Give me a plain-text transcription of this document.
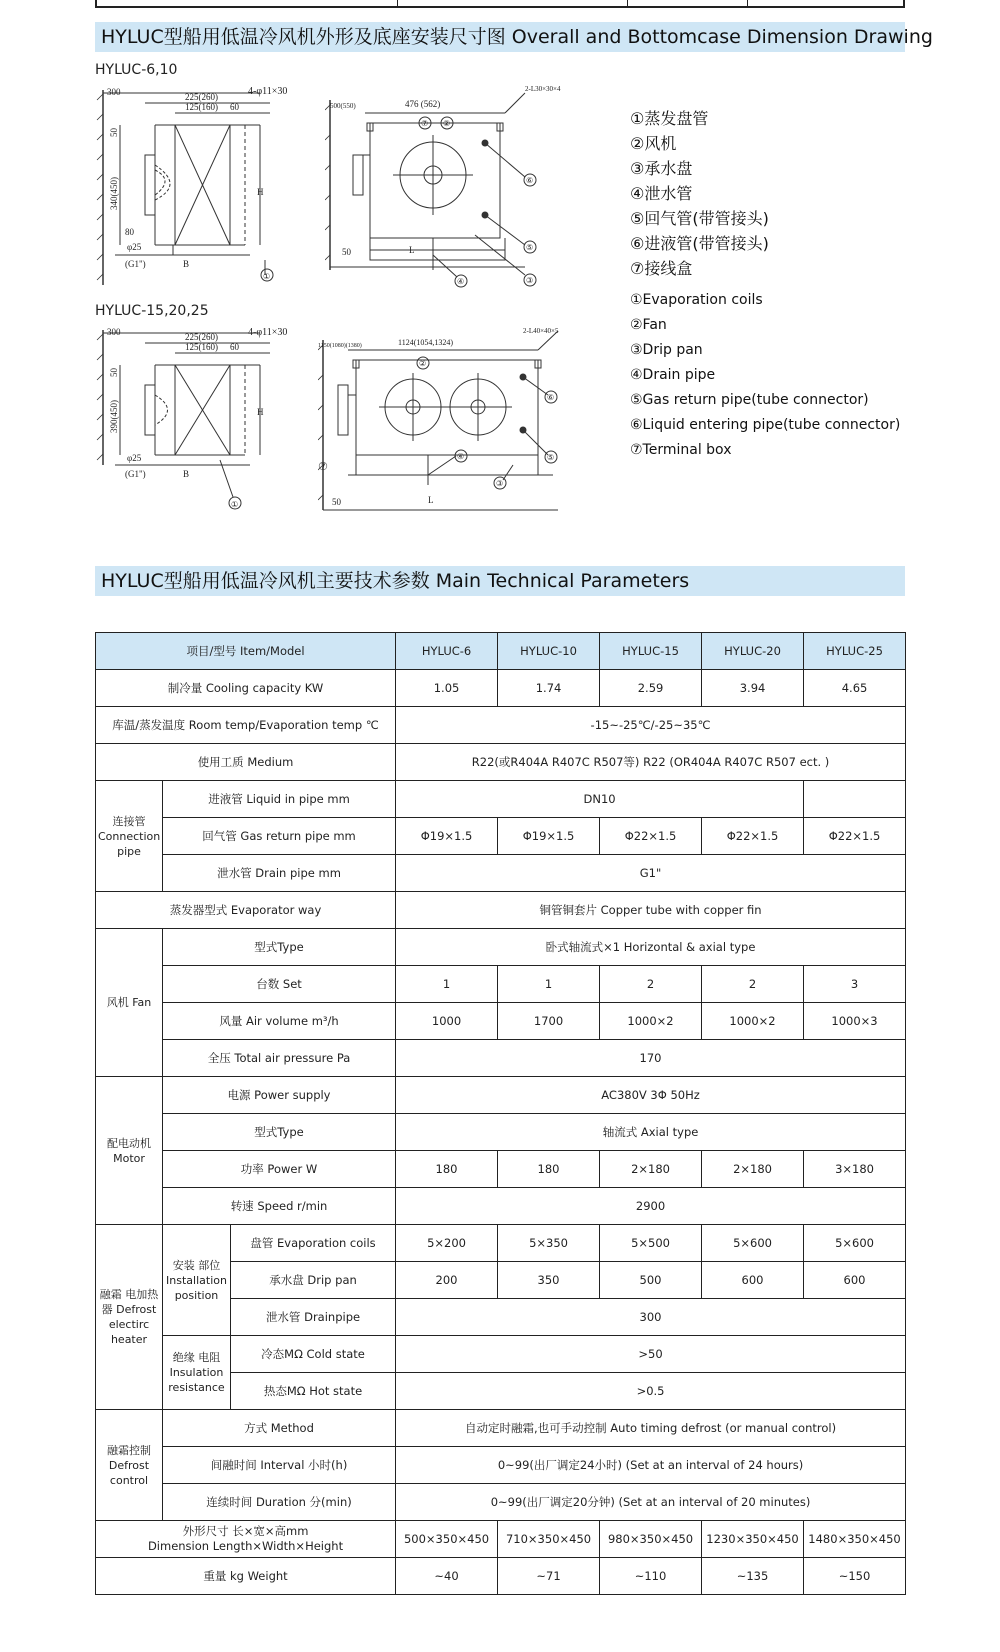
HYLUC型船用低温冷风机外形及底座安装尺寸图 Overall and Bottomcase Dimension Drawing
HYLUC-6,10
HYLUC-15,20,25
300	225(260)
125(160) 60
80
φ25
(G1")	B
H
①
340(450)
50
4-φ11×30
500(550)	476 (562)
2-L30×30×4
50	L
⑦ ②
⑥
⑤
③
④
300	225(260)
125(160) 60
φ25
(G1")	B
H
①
390(450)
50
4-φ11×30
1150(1080)(1380)	1124(1054,1324)
2-L40×40×5
50	L
②
⑥
⑤
③
④
⑦
①蒸发盘管
②风机
③承水盘
④泄水管
⑤回气管(带管接头)
⑥进液管(带管接头)
⑦接线盒
①Evaporation coils
②Fan
③Drip pan
④Drain pipe
⑤Gas return pipe(tube connector)
⑥Liquid entering pipe(tube connector)
⑦Terminal box
HYLUC型船用低温冷风机主要技术参数 Main Technical Parameters
项目/型号 Item/Model			HYLUC-6	HYLUC-10	HYLUC-15	HYLUC-20	HYLUC-25
制冷量 Cooling capacity KW			1.05	1.74	2.59	3.94	4.65
库温/蒸发温度 Room temp/Evaporation temp ℃			-15~-25℃/-25~35℃				
使用工质 Medium			R22(或R404A R407C R507等) R22 (OR404A R407C R507 ect. )				
连接管 Connection pipe	进液管 Liquid in pipe mm		DN10				
	回气管 Gas return pipe mm		Φ19×1.5	Φ19×1.5	Φ22×1.5	Φ22×1.5	Φ22×1.5
	泄水管 Drain pipe mm		G1"				
蒸发器型式 Evaporator way			铜管铜套片 Copper tube with copper fin				
风机 Fan	型式Type		卧式轴流式×1 Horizontal & axial type				
	台数 Set		1	1	2	2	3
	风量 Air volume m³/h		1000	1700	1000×2	1000×2	1000×3
	全压 Total air pressure Pa		170				
配电动机 Motor	电源 Power supply		AC380V 3Φ 50Hz				
	型式Type		轴流式 Axial type				
	功率 Power W		180	180	2×180	2×180	3×180
	转速 Speed r/min		2900				
融霜 电加热器 Defrost electirc heater	安装 部位 Installation position	盘管 Evaporation coils	5×200	5×350	5×500	5×600	5×600
		承水盘 Drip pan	200	350	500	600	600
		泄水管 Drainpipe	300				
	绝缘 电阻 Insulation resistance	冷态MΩ Cold state	>50				
		热态MΩ Hot state	>0.5				
融霜控制 Defrost control	方式 Method		自动定时融霜,也可手动控制 Auto timing defrost (or manual control)				
	间融时间 Interval 小时(h)		0~99(出厂调定24小时) (Set at an interval of 24 hours)				
	连续时间 Duration 分(min)		0~99(出厂调定20分钟) (Set at an interval of 20 minutes)				

外形尺寸 长×宽×高mm
Dimension Length×Width×Height			500×350×450	710×350×450	980×350×450	1230×350×450	1480×350×450
重量 kg Weight			~40	~71	~110	~135	~150
